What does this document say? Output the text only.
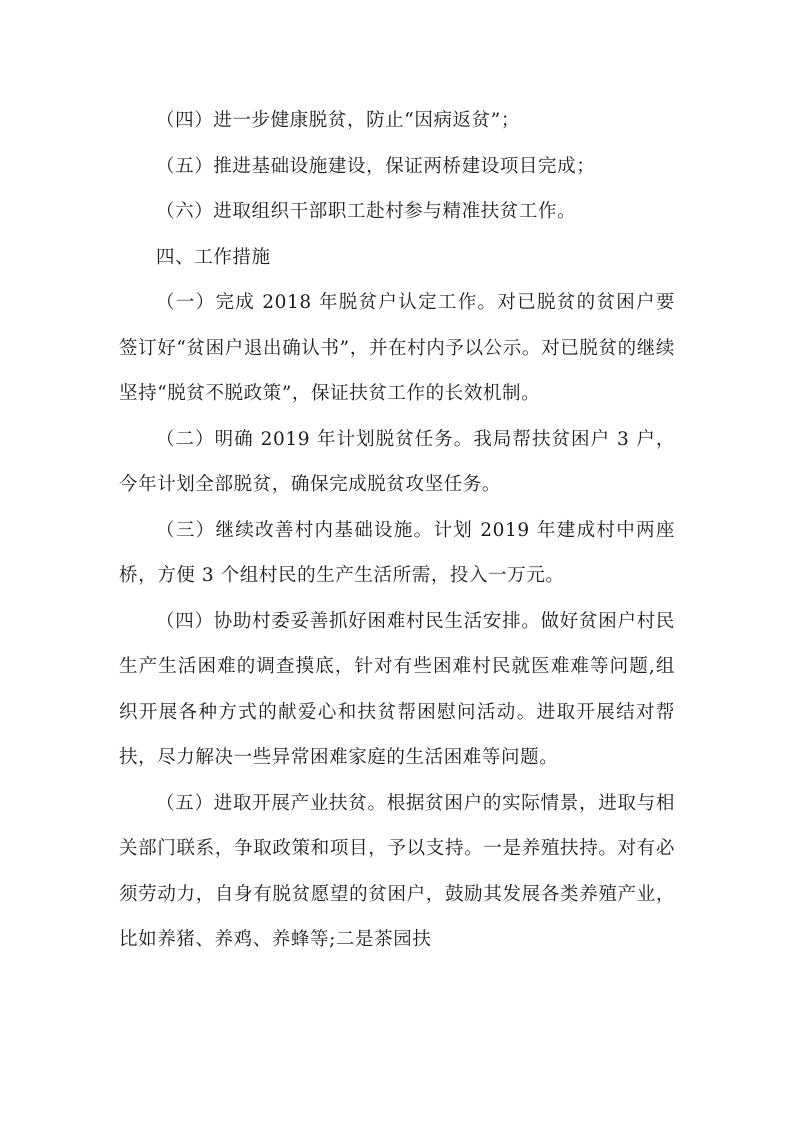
（四）进一步健康脱贫，防止“因病返贫”；

（五）推进基础设施建设，保证两桥建设项目完成；

（六）进取组织干部职工赴村参与精准扶贫工作。

四、工作措施

（一）完成 2018 年脱贫户认定工作。对已脱贫的贫困户要签订好“贫困户退出确认书”，并在村内予以公示。对已脱贫的继续坚持“脱贫不脱政策”，保证扶贫工作的长效机制。

（二）明确 2019 年计划脱贫任务。我局帮扶贫困户 3 户，今年计划全部脱贫，确保完成脱贫攻坚任务。

（三）继续改善村内基础设施。计划 2019 年建成村中两座桥，方便 3 个组村民的生产生活所需，投入一万元。

（四）协助村委妥善抓好困难村民生活安排。做好贫困户村民生产生活困难的调查摸底，针对有些困难村民就医难难等问题,组织开展各种方式的献爱心和扶贫帮困慰问活动。进取开展结对帮扶，尽力解决一些异常困难家庭的生活困难等问题。

（五）进取开展产业扶贫。根据贫困户的实际情景，进取与相关部门联系，争取政策和项目，予以支持。一是养殖扶持。对有必须劳动力，自身有脱贫愿望的贫困户，鼓励其发展各类养殖产业，比如养猪、养鸡、养蜂等;二是茶园扶
